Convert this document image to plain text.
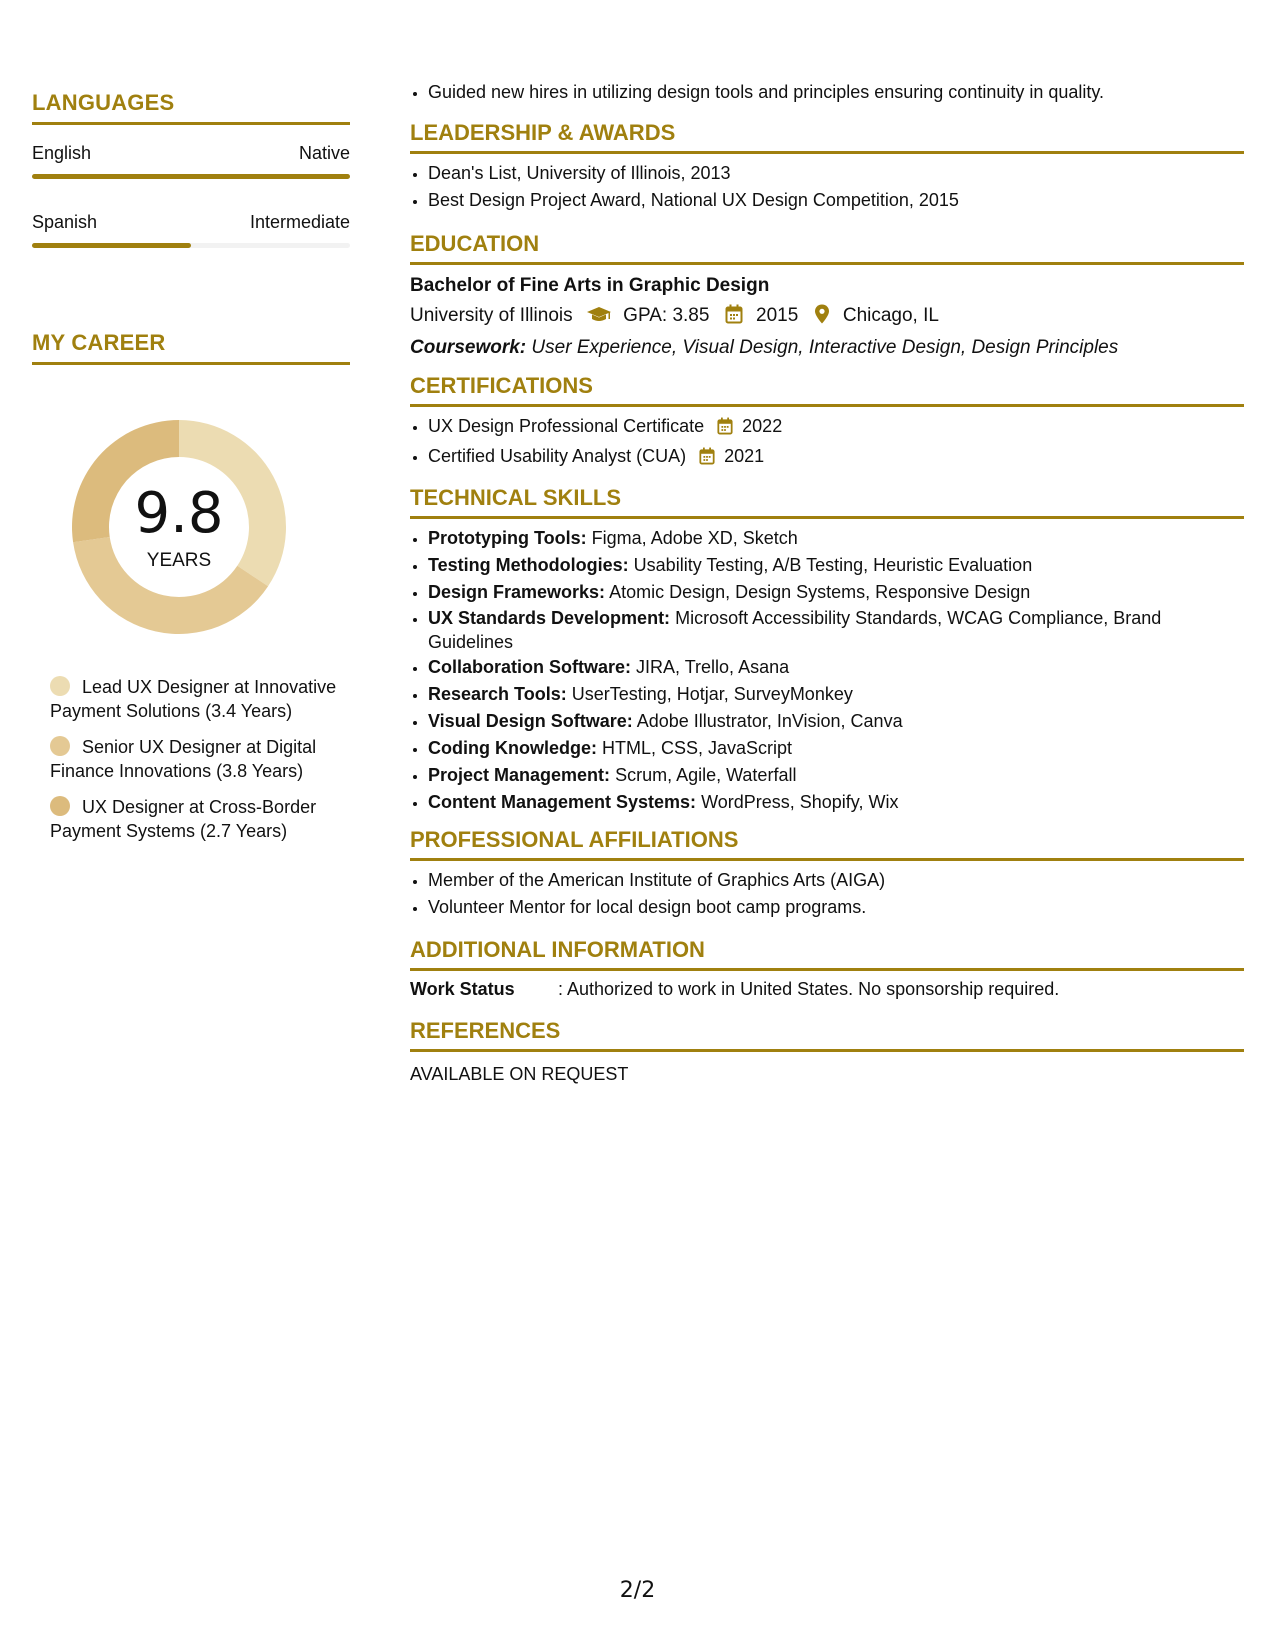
LANGUAGES
English	Native
Spanish	Intermediate
MY CAREER
9.8
YEARS
Lead UX Designer at Innovative Payment Solutions (3.4 Years)
Senior UX Designer at Digital Finance Innovations (3.8 Years)
UX Designer at Cross-Border Payment Systems (2.7 Years)
• Guided new hires in utilizing design tools and principles ensuring continuity in quality.
LEADERSHIP & AWARDS
• Dean's List, University of Illinois, 2013
• Best Design Project Award, National UX Design Competition, 2015
EDUCATION
Bachelor of Fine Arts in Graphic Design
University of Illinois	GPA: 3.85 2015 Chicago, IL
Coursework: User Experience, Visual Design, Interactive Design, Design Principles
CERTIFICATIONS
• UX Design Professional Certificate 2022
• Certified Usability Analyst (CUA) 2021
TECHNICAL SKILLS
• Prototyping Tools: Figma, Adobe XD, Sketch
• Testing Methodologies: Usability Testing, A/B Testing, Heuristic Evaluation
• Design Frameworks: Atomic Design, Design Systems, Responsive Design
• UX Standards Development: Microsoft Accessibility Standards, WCAG Compliance, Brand Guidelines
• Collaboration Software: JIRA, Trello, Asana
• Research Tools: UserTesting, Hotjar, SurveyMonkey
• Visual Design Software: Adobe Illustrator, InVision, Canva
• Coding Knowledge: HTML, CSS, JavaScript
• Project Management: Scrum, Agile, Waterfall
• Content Management Systems: WordPress, Shopify, Wix
PROFESSIONAL AFFILIATIONS
• Member of the American Institute of Graphics Arts (AIGA)
• Volunteer Mentor for local design boot camp programs.
ADDITIONAL INFORMATION
Work Status	: Authorized to work in United States. No sponsorship required.
REFERENCES
AVAILABLE ON REQUEST
2/2
